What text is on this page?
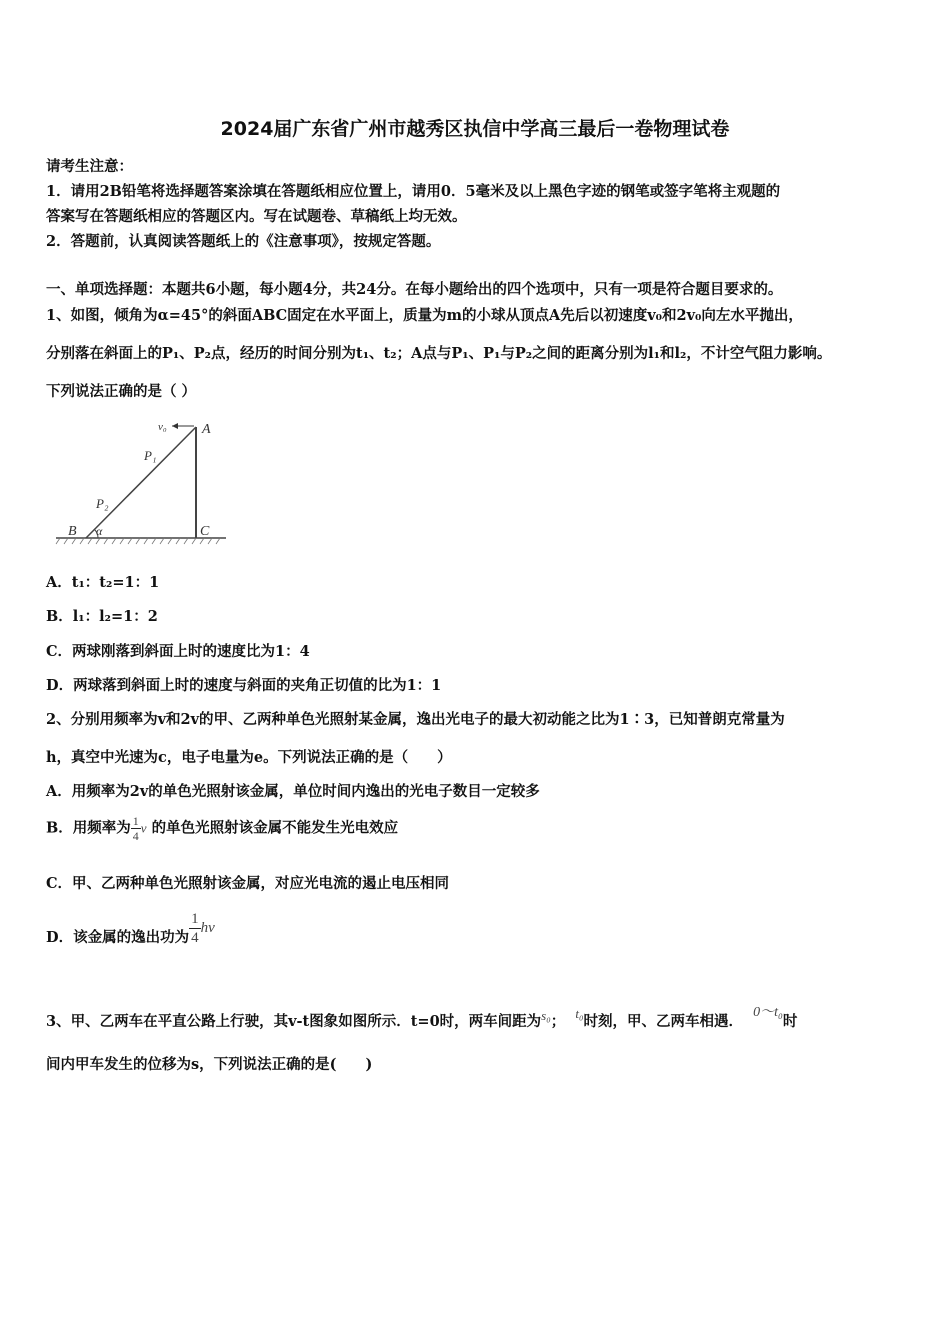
2024届广东省广州市越秀区执信中学高三最后一卷物理试卷
请考生注意：
1．请用2B铅笔将选择题答案涂填在答题纸相应位置上，请用0．5毫米及以上黑色字迹的钢笔或签字笔将主观题的
答案写在答题纸相应的答题区内。写在试题卷、草稿纸上均无效。
2．答题前，认真阅读答题纸上的《注意事项》，按规定答题。
一、单项选择题：本题共6小题，每小题4分，共24分。在每小题给出的四个选项中，只有一项是符合题目要求的。
1、如图，倾角为α=45°的斜面ABC固定在水平面上，质量为m的小球从顶点A先后以初速度v₀和2v₀向左水平抛出，
分别落在斜面上的P₁、P₂点，经历的时间分别为t₁、t₂；A点与P₁、P₁与P₂之间的距离分别为l₁和l₂，不计空气阻力影响。
下列说法正确的是（ ）
v₀	A
P₁
P₂
B α	C
A．t₁：t₂=1：1
B．l₁：l₂=1：2
C．两球刚落到斜面上时的速度比为1：4
D．两球落到斜面上时的速度与斜面的夹角正切值的比为1：1
2、分别用频率为v和2v的甲、乙两种单色光照射某金属，逸出光电子的最大初动能之比为1∶3，已知普朗克常量为
h，真空中光速为c，电子电量为e。下列说法正确的是（　　）
A．用频率为2v的单色光照射该金属，单位时间内逸出的光电子数目一定较多
B．用频率为 $\frac{1}{4}$ ν 的单色光照射该金属不能发生光电效应
C．甲、乙两种单色光照射该金属，对应光电流的遏止电压相同
D．该金属的逸出功为 $\frac{1}{4}$ hν
3、甲、乙两车在平直公路上行驶，其v-t图象如图所示．t=0时，两车间距为s₀； t₀时刻，甲、乙两车相遇．  0～t₀时
间内甲车发生的位移为s，下列说法正确的是(　　)
